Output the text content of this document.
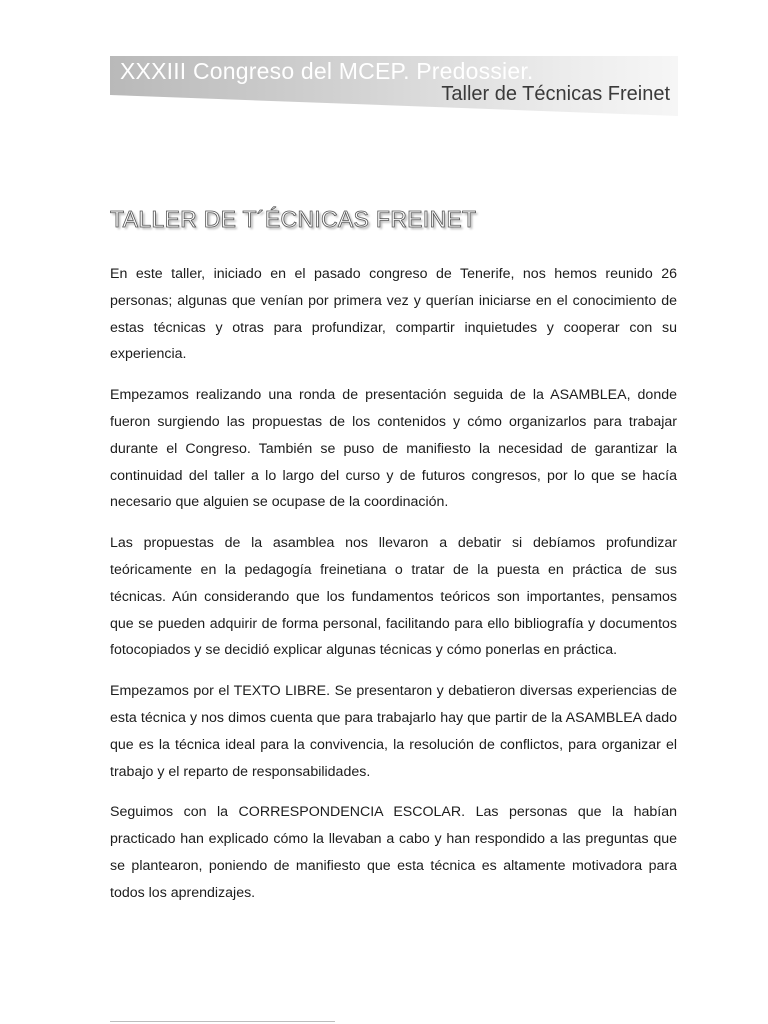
XXXIII Congreso del MCEP. Predossier.
Taller de Técnicas Freinet
TALLER DE T´ÉCNICAS FREINET

En este taller, iniciado en el pasado congreso de Tenerife, nos hemos reunido 26 personas; algunas que venían por primera vez y querían iniciarse en el conocimiento de estas técnicas y otras para profundizar, compartir inquietudes y cooperar con su experiencia.

Empezamos realizando una ronda de presentación seguida de la ASAMBLEA, donde fueron surgiendo las propuestas de los contenidos y cómo organizarlos para trabajar durante el Congreso. También se puso de manifiesto la necesidad de garantizar la continuidad del taller a lo largo del curso y de futuros congresos, por lo que se hacía necesario que alguien se ocupase de la coordinación.

Las propuestas de la asamblea nos llevaron a debatir si debíamos profundizar teóricamente en la pedagogía freinetiana o tratar de la puesta en práctica de sus técnicas. Aún considerando que los fundamentos teóricos son importantes, pensamos que se pueden adquirir de forma personal, facilitando para ello bibliografía y documentos fotocopiados y se decidió explicar algunas técnicas y cómo ponerlas en práctica.

Empezamos por el TEXTO LIBRE. Se presentaron y debatieron diversas experiencias de esta técnica y nos dimos cuenta que para trabajarlo hay que partir de la ASAMBLEA dado que es la técnica ideal para la convivencia, la resolución de conflictos, para organizar el trabajo y el reparto de responsabilidades.

Seguimos con la CORRESPONDENCIA ESCOLAR. Las personas que la habían practicado han explicado cómo la llevaban a cabo y han respondido a las preguntas que se plantearon, poniendo de manifiesto que esta técnica es altamente motivadora para todos los aprendizajes.
